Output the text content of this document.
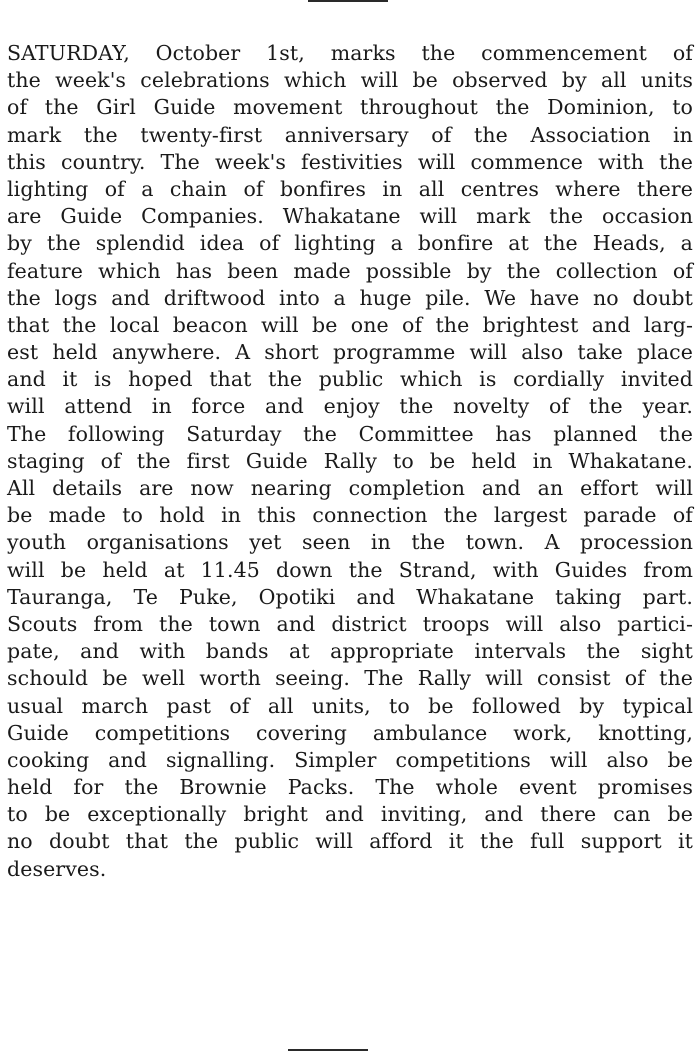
SATURDAY, October 1st, marks the commencement of
the week's celebrations which will be observed by all units
of the Girl Guide movement throughout the Dominion, to
mark the twenty-first anniversary of the Association in
this country. The week's festivities will commence with the
lighting of a chain of bonfires in all centres where there
are Guide Companies. Whakatane will mark the occasion
by the splendid idea of lighting a bonfire at the Heads, a
feature which has been made possible by the collection of
the logs and driftwood into a huge pile. We have no doubt
that the local beacon will be one of the brightest and larg-
est held anywhere. A short programme will also take place
and it is hoped that the public which is cordially invited
will attend in force and enjoy the novelty of the year.
The following Saturday the Committee has planned the
staging of the first Guide Rally to be held in Whakatane.
All details are now nearing completion and an effort will
be made to hold in this connection the largest parade of
youth organisations yet seen in the town. A procession
will be held at 11.45 down the Strand, with Guides from
Tauranga, Te Puke, Opotiki and Whakatane taking part.
Scouts from the town and district troops will also partici-
pate, and with bands at appropriate intervals the sight
schould be well worth seeing. The Rally will consist of the
usual march past of all units, to be followed by typical
Guide competitions covering ambulance work, knotting,
cooking and signalling. Simpler competitions will also be
held for the Brownie Packs. The whole event promises
to be exceptionally bright and inviting, and there can be
no doubt that the public will afford it the full support it
deserves.
